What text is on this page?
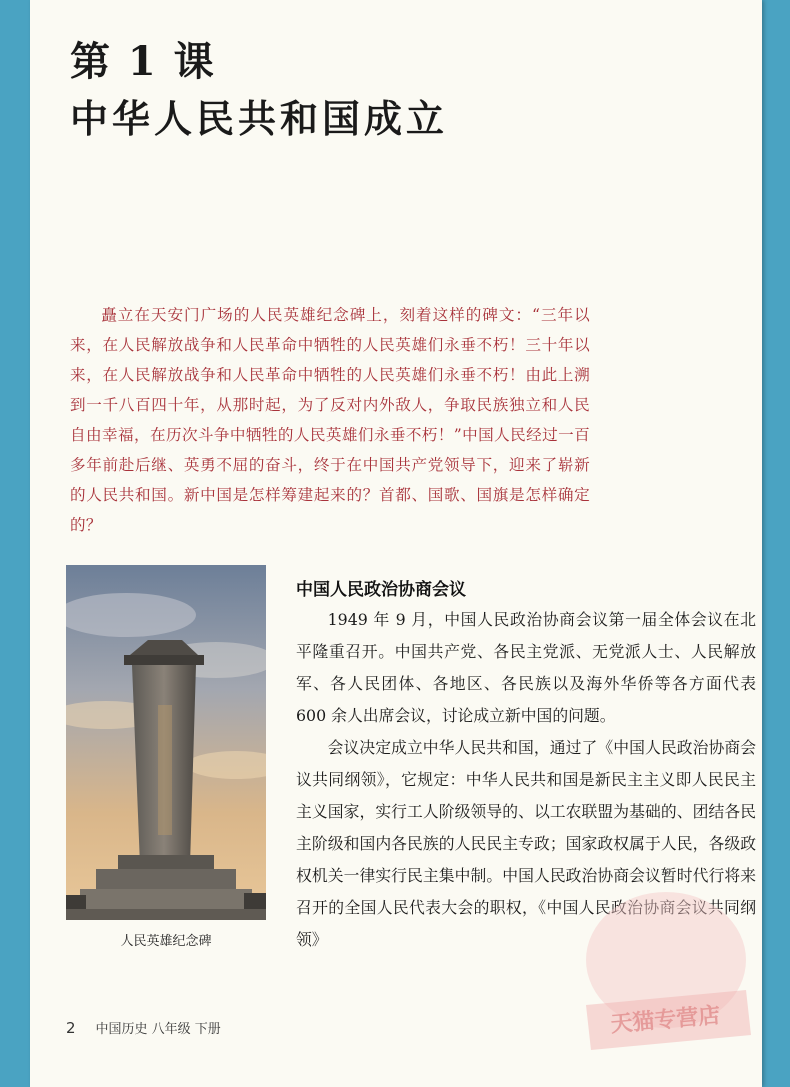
第 1 课
中华人民共和国成立

矗立在天安门广场的人民英雄纪念碑上，刻着这样的碑文：“三年以来，在人民解放战争和人民革命中牺牲的人民英雄们永垂不朽！三十年以来，在人民解放战争和人民革命中牺牲的人民英雄们永垂不朽！由此上溯到一千八百四十年，从那时起，为了反对内外敌人，争取民族独立和人民自由幸福，在历次斗争中牺牲的人民英雄们永垂不朽！”中国人民经过一百多年前赴后继、英勇不屈的奋斗，终于在中国共产党领导下，迎来了崭新的人民共和国。新中国是怎样筹建起来的？首都、国歌、国旗是怎样确定的？

人民英雄纪念碑
中国人民政治协商会议

1949 年 9 月，中国人民政治协商会议第一届全体会议在北平隆重召开。中国共产党、各民主党派、无党派人士、人民解放军、各人民团体、各地区、各民族以及海外华侨等各方面代表 600 余人出席会议，讨论成立新中国的问题。

会议决定成立中华人民共和国，通过了《中国人民政治协商会议共同纲领》，它规定：中华人民共和国是新民主主义即人民民主主义国家，实行工人阶级领导的、以工农联盟为基础的、团结各民主阶级和国内各民族的人民民主专政；国家政权属于人民，各级政权机关一律实行民主集中制。中国人民政治协商会议暂时代行将来召开的全国人民代表大会的职权，《中国人民政治协商会议共同纲领》

2 中国历史 八年级 下册	天猫专营店
